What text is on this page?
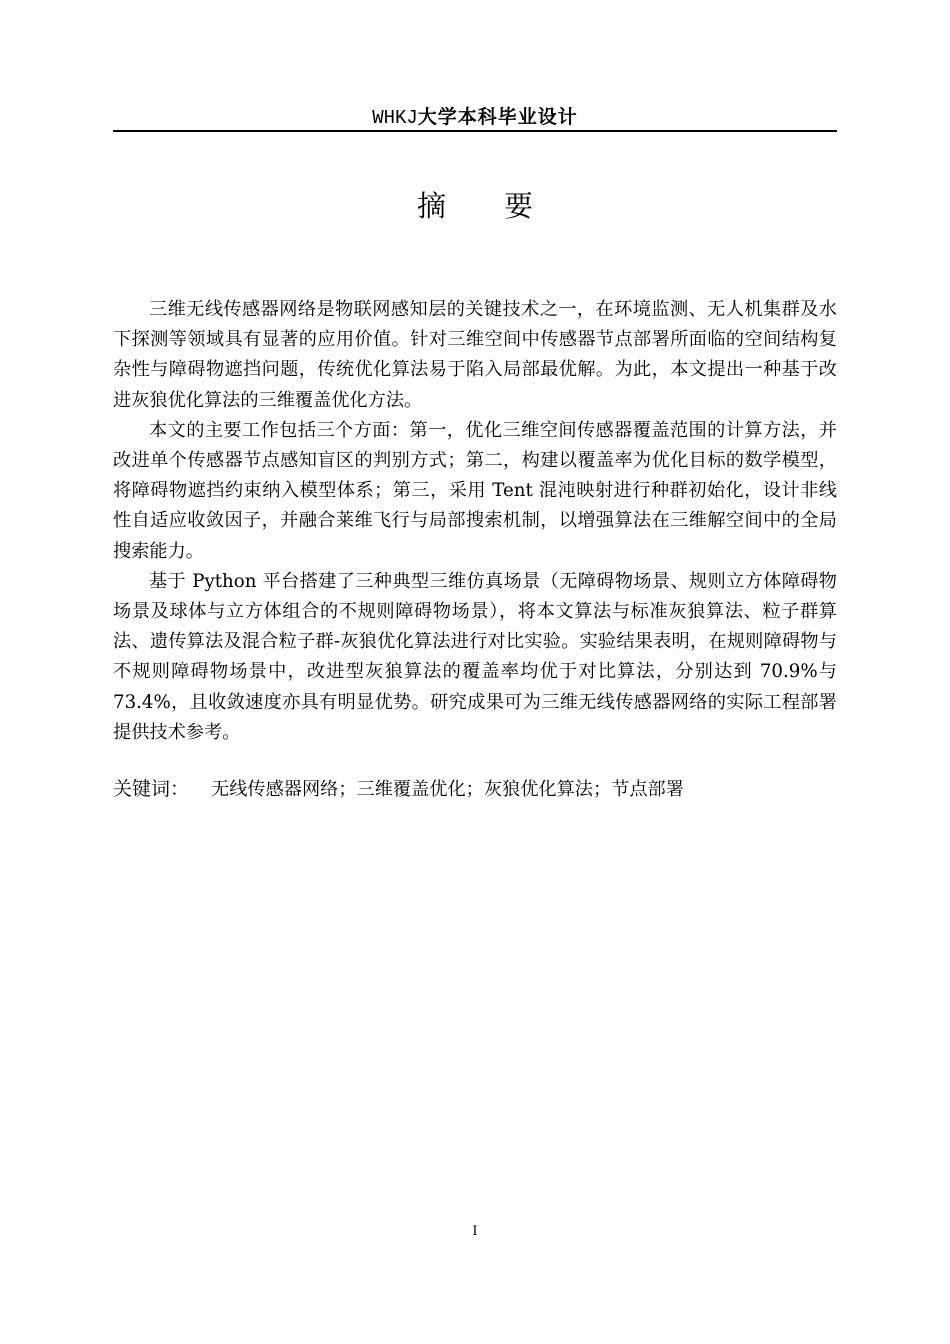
WHKJ大学本科毕业设计
摘 要

三维无线传感器网络是物联网感知层的关键技术之一，在环境监测、无人机集群及水下探测等领域具有显著的应用价值。针对三维空间中传感器节点部署所面临的空间结构复杂性与障碍物遮挡问题，传统优化算法易于陷入局部最优解。为此，本文提出一种基于改进灰狼优化算法的三维覆盖优化方法。

本文的主要工作包括三个方面：第一，优化三维空间传感器覆盖范围的计算方法，并改进单个传感器节点感知盲区的判别方式；第二，构建以覆盖率为优化目标的数学模型，将障碍物遮挡约束纳入模型体系；第三，采用 Tent 混沌映射进行种群初始化，设计非线性自适应收敛因子，并融合莱维飞行与局部搜索机制，以增强算法在三维解空间中的全局搜索能力。

基于 Python 平台搭建了三种典型三维仿真场景（无障碍物场景、规则立方体障碍物场景及球体与立方体组合的不规则障碍物场景），将本文算法与标准灰狼算法、粒子群算法、遗传算法及混合粒子群-灰狼优化算法进行对比实验。实验结果表明，在规则障碍物与不规则障碍物场景中，改进型灰狼算法的覆盖率均优于对比算法，分别达到 70.9%与 73.4%，且收敛速度亦具有明显优势。研究成果可为三维无线传感器网络的实际工程部署提供技术参考。

关键词： 无线传感器网络；三维覆盖优化；灰狼优化算法；节点部署
I
